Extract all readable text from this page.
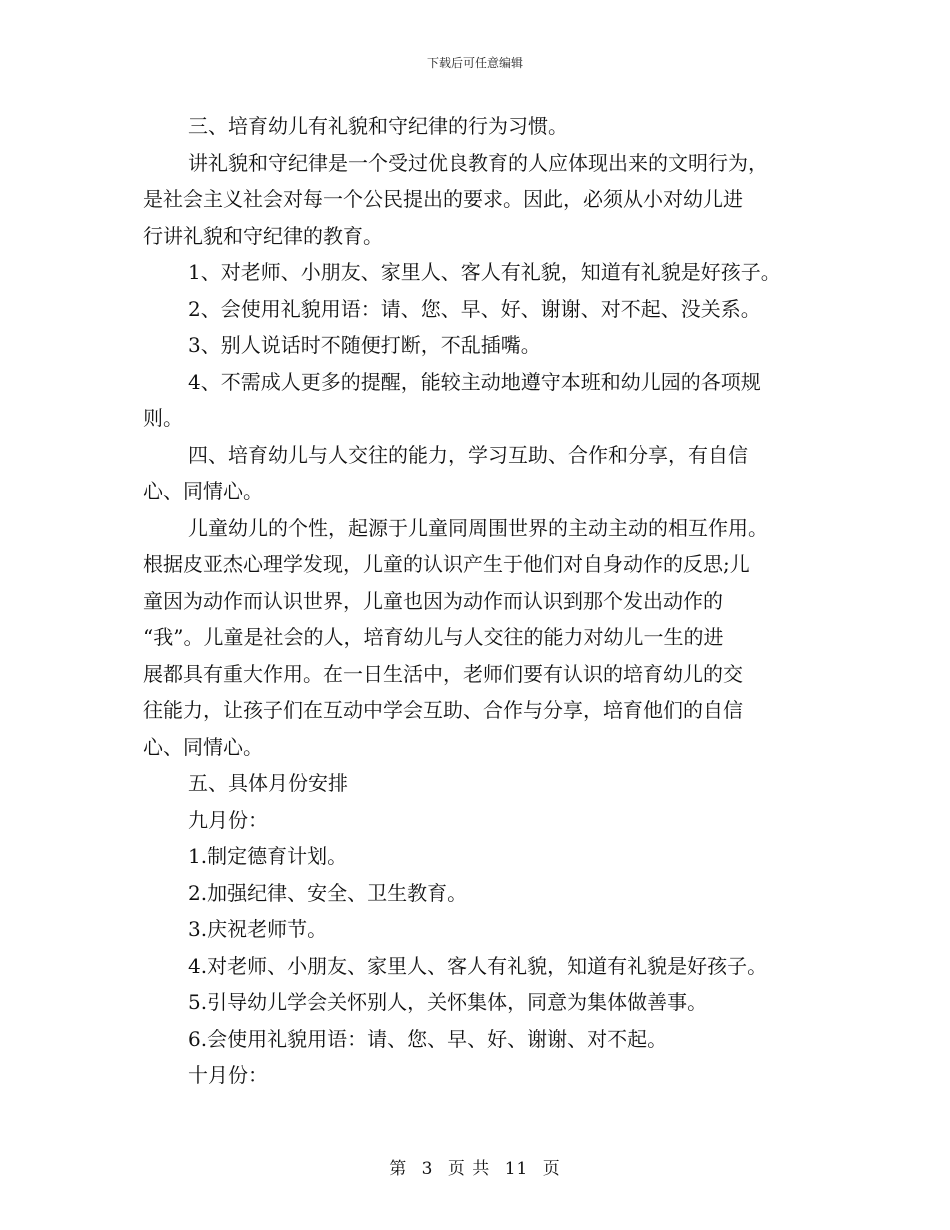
下载后可任意编辑

三、培育幼儿有礼貌和守纪律的行为习惯。

讲礼貌和守纪律是一个受过优良教育的人应体现出来的文明行为，

是社会主义社会对每一个公民提出的要求。因此，必须从小对幼儿进

行讲礼貌和守纪律的教育。

1、对老师、小朋友、家里人、客人有礼貌，知道有礼貌是好孩子。

2、会使用礼貌用语：请、您、早、好、谢谢、对不起、没关系。

3、别人说话时不随便打断，不乱插嘴。

4、不需成人更多的提醒，能较主动地遵守本班和幼儿园的各项规

则。

四、培育幼儿与人交往的能力，学习互助、合作和分享，有自信

心、同情心。

儿童幼儿的个性，起源于儿童同周围世界的主动主动的相互作用。

根据皮亚杰心理学发现，儿童的认识产生于他们对自身动作的反思;儿

童因为动作而认识世界，儿童也因为动作而认识到那个发出动作的

“我”。儿童是社会的人，培育幼儿与人交往的能力对幼儿一生的进

展都具有重大作用。在一日生活中，老师们要有认识的培育幼儿的交

往能力，让孩子们在互动中学会互助、合作与分享，培育他们的自信

心、同情心。

五、具体月份安排

九月份：

1.制定德育计划。

2.加强纪律、安全、卫生教育。

3.庆祝老师节。

4.对老师、小朋友、家里人、客人有礼貌，知道有礼貌是好孩子。

5.引导幼儿学会关怀别人，关怀集体，同意为集体做善事。

6.会使用礼貌用语：请、您、早、好、谢谢、对不起。

十月份：

第 3 页 共 11 页
